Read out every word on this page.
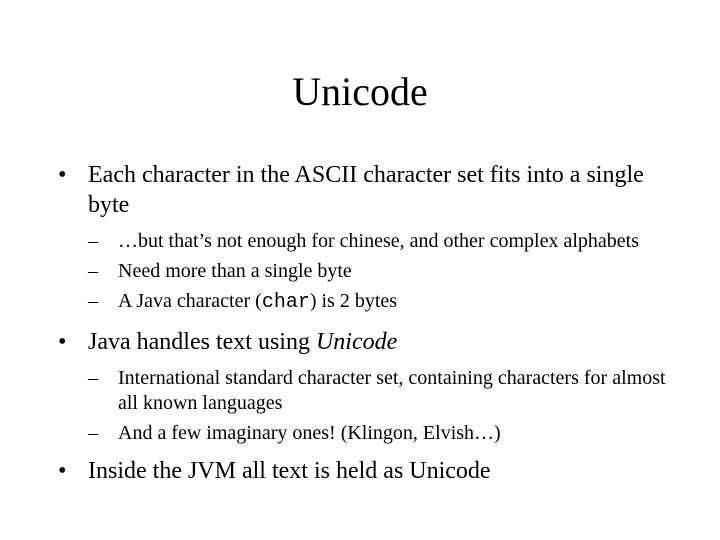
Unicode

• Each character in the ASCII character set fits into a single byte

– …but that’s not enough for chinese, and other complex alphabets

– Need more than a single byte

– A Java character (char) is 2 bytes

• Java handles text using Unicode

– International standard character set, containing characters for almost all known languages

– And a few imaginary ones! (Klingon, Elvish…)

• Inside the JVM all text is held as Unicode
